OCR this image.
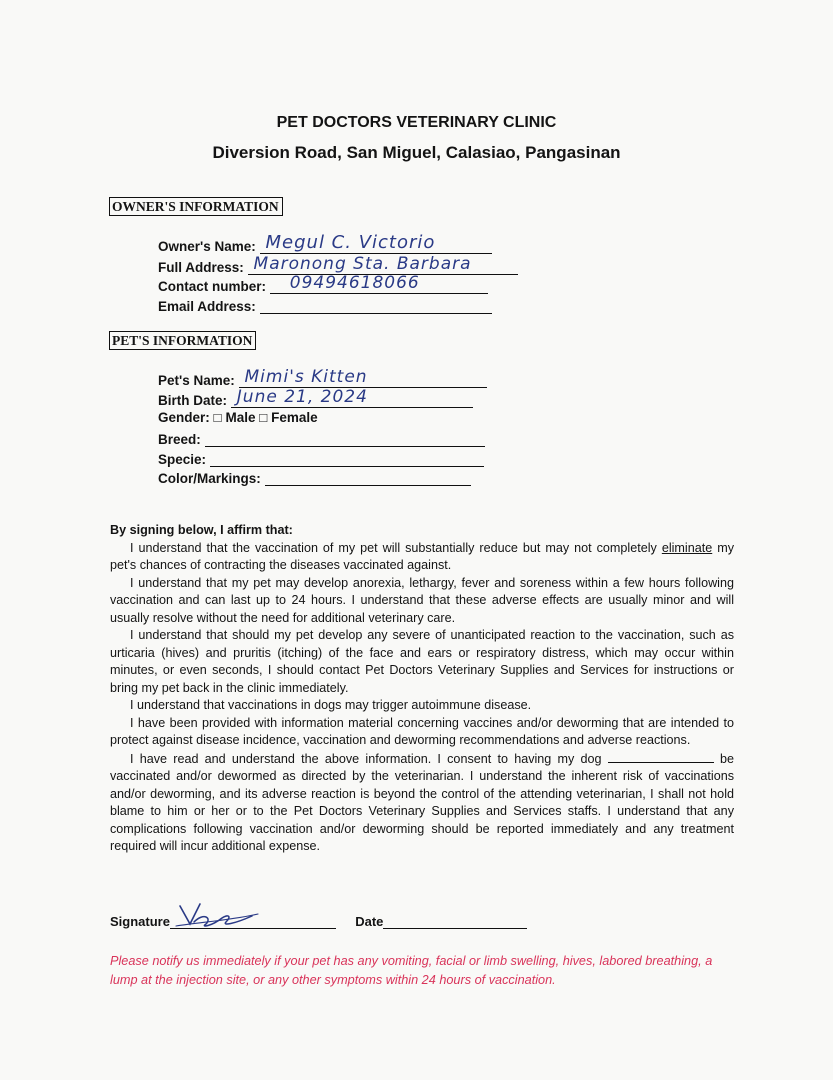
PET DOCTORS VETERINARY CLINIC
Diversion Road, San Miguel, Calasiao, Pangasinan
OWNER'S INFORMATION
Owner's Name: Megul C. Victorio
Full Address: Maronong Sta. Barbara
Contact number: 09494618066
Email Address:
PET'S INFORMATION
Pet's Name: Mimi's Kitten
Birth Date: June 21, 2024
Gender: □ Male □ Female
Breed:
Specie:
Color/Markings:

By signing below, I affirm that:

I understand that the vaccination of my pet will substantially reduce but may not completely eliminate my pet's chances of contracting the diseases vaccinated against.

I understand that my pet may develop anorexia, lethargy, fever and soreness within a few hours following vaccination and can last up to 24 hours. I understand that these adverse effects are usually minor and will usually resolve without the need for additional veterinary care.

I understand that should my pet develop any severe of unanticipated reaction to the vaccination, such as urticaria (hives) and pruritis (itching) of the face and ears or respiratory distress, which may occur within minutes, or even seconds, I should contact Pet Doctors Veterinary Supplies and Services for instructions or bring my pet back in the clinic immediately.

I understand that vaccinations in dogs may trigger autoimmune disease.

I have been provided with information material concerning vaccines and/or deworming that are intended to protect against disease incidence, vaccination and deworming recommendations and adverse reactions.

I have read and understand the above information. I consent to having my dog	be vaccinated and/or dewormed as directed by the veterinarian. I understand the inherent risk of vaccinations and/or deworming, and its adverse reaction is beyond the control of the attending veterinarian, I shall not hold blame to him or her or to the Pet Doctors Veterinary Supplies and Services staffs. I understand that any complications following vaccination and/or deworming should be reported immediately and any treatment required will incur additional expense.

Signature	Date
Please notify us immediately if your pet has any vomiting, facial or limb swelling, hives, labored breathing, a lump at the injection site, or any other symptoms within 24 hours of vaccination.
